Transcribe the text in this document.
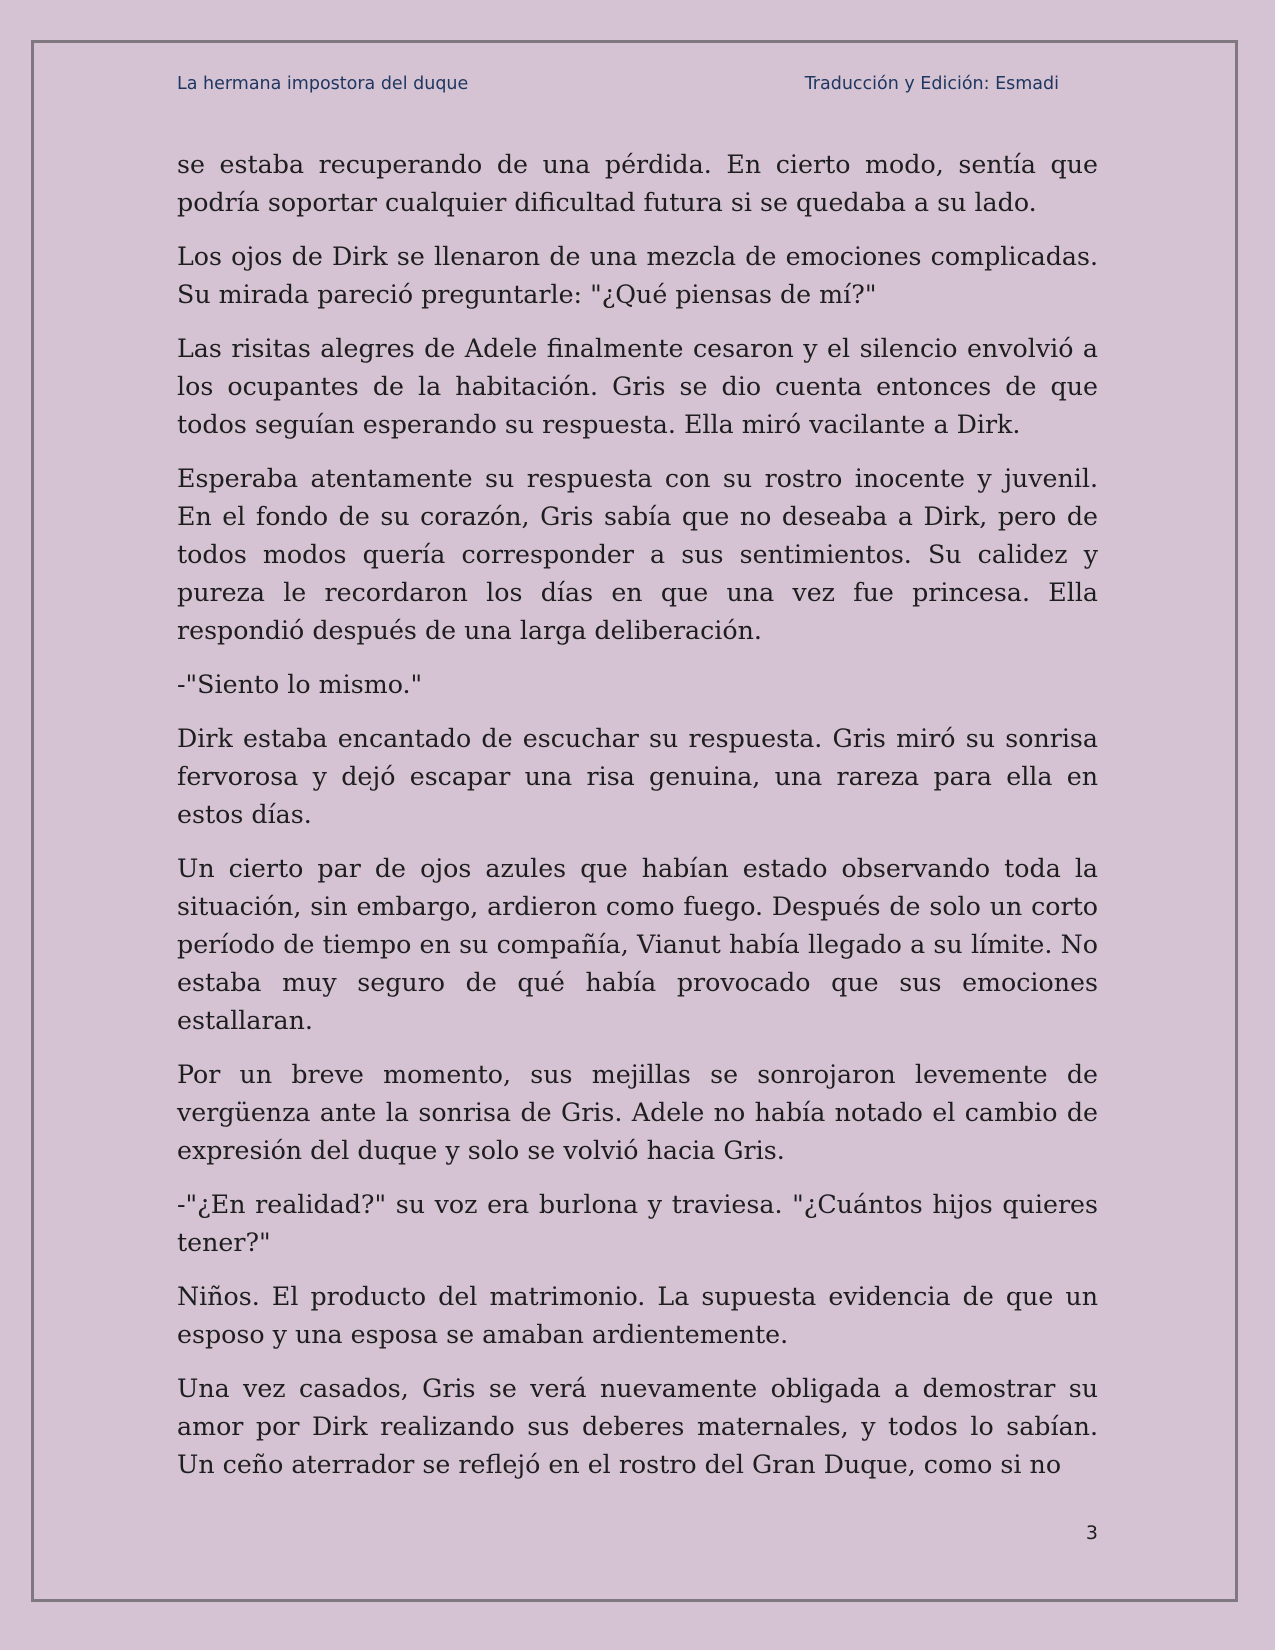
La hermana impostora del duque	Traducción y Edición: Esmadi

se estaba recuperando de una pérdida. En cierto modo, sentía que podría soportar cualquier dificultad futura si se quedaba a su lado.

Los ojos de Dirk se llenaron de una mezcla de emociones complicadas. Su mirada pareció preguntarle: "¿Qué piensas de mí?"

Las risitas alegres de Adele finalmente cesaron y el silencio envolvió a los ocupantes de la habitación. Gris se dio cuenta entonces de que todos seguían esperando su respuesta. Ella miró vacilante a Dirk.

Esperaba atentamente su respuesta con su rostro inocente y juvenil. En el fondo de su corazón, Gris sabía que no deseaba a Dirk, pero de todos modos quería corresponder a sus sentimientos. Su calidez y pureza le recordaron los días en que una vez fue princesa. Ella respondió después de una larga deliberación.

-"Siento lo mismo."

Dirk estaba encantado de escuchar su respuesta. Gris miró su sonrisa fervorosa y dejó escapar una risa genuina, una rareza para ella en estos días.

Un cierto par de ojos azules que habían estado observando toda la situación, sin embargo, ardieron como fuego. Después de solo un corto período de tiempo en su compañía, Vianut había llegado a su límite. No estaba muy seguro de qué había provocado que sus emociones estallaran.

Por un breve momento, sus mejillas se sonrojaron levemente de vergüenza ante la sonrisa de Gris. Adele no había notado el cambio de expresión del duque y solo se volvió hacia Gris.

-"¿En realidad?" su voz era burlona y traviesa. "¿Cuántos hijos quieres tener?"

Niños. El producto del matrimonio. La supuesta evidencia de que un esposo y una esposa se amaban ardientemente.

Una vez casados, Gris se verá nuevamente obligada a demostrar su amor por Dirk realizando sus deberes maternales, y todos lo sabían. Un ceño aterrador se reflejó en el rostro del Gran Duque, como si no

3
